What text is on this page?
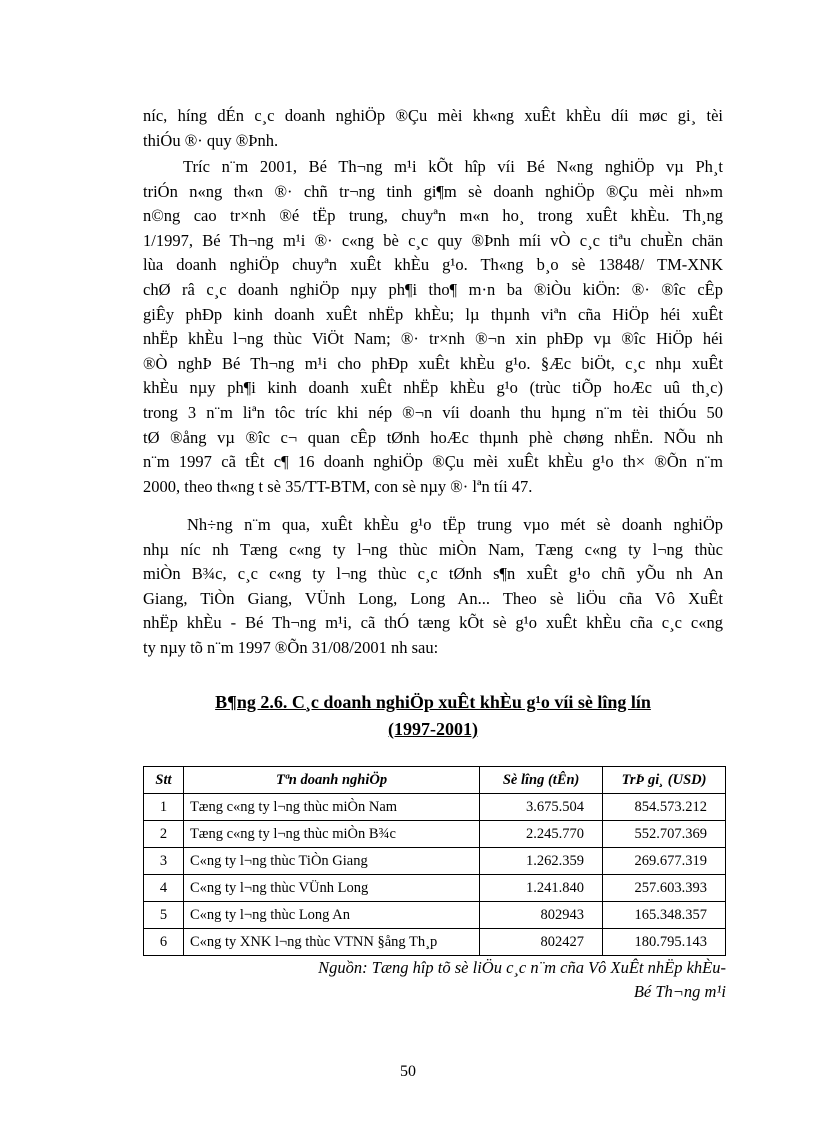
níc, híng dÉn c¸c doanh nghiÖp ®Çu mèi kh«ng xuÊt khÈu díi møc gi¸ tèi
thiÓu ®· quy ®Þnh.

Tríc n¨m 2001, Bé Th¬ng m¹i kÕt hîp víi Bé N«ng nghiÖp vµ Ph¸t
triÓn n«ng th«n ®· chñ tr¬ng tinh gi¶m sè doanh nghiÖp ®Çu mèi nh»m
n©ng cao tr×nh ®é tËp trung, chuyªn m«n ho¸ trong xuÊt khÈu. Th¸ng
1/1997, Bé Th¬ng m¹i ®· c«ng bè c¸c quy ®Þnh míi vÒ c¸c tiªu chuÈn chän
lùa doanh nghiÖp chuyªn xuÊt khÈu g¹o. Th«ng b¸o sè 13848/ TM-XNK
chØ râ c¸c doanh nghiÖp nµy ph¶i tho¶ m·n ba ®iÒu kiÖn: ®· ®îc cÊp
giÊy phÐp kinh doanh xuÊt nhËp khÈu; lµ thµnh viªn cña HiÖp héi xuÊt
nhËp khÈu l¬ng thùc ViÖt Nam; ®· tr×nh ®¬n xin phÐp vµ ®îc HiÖp héi
®Ò nghÞ Bé Th¬ng m¹i cho phÐp xuÊt khÈu g¹o. §Æc biÖt, c¸c nhµ xuÊt
khÈu nµy ph¶i kinh doanh xuÊt nhËp khÈu g¹o (trùc tiÕp hoÆc uû th¸c)
trong 3 n¨m liªn tôc tríc khi nép ®¬n víi doanh thu hµng n¨m tèi thiÓu 50
tØ ®ång vµ ®îc c¬ quan cÊp tØnh hoÆc thµnh phè chøng nhËn. NÕu nh
n¨m 1997 cã tÊt c¶ 16 doanh nghiÖp ®Çu mèi xuÊt khÈu g¹o th× ®Õn n¨m
2000, theo th«ng t sè 35/TT-BTM, con sè nµy ®· lªn tíi 47.

Nh÷ng n¨m qua, xuÊt khÈu g¹o tËp trung vµo mét sè doanh nghiÖp
nhµ níc nh Tæng c«ng ty l¬ng thùc miÒn Nam, Tæng c«ng ty l¬ng thùc
miÒn B¾c, c¸c c«ng ty l¬ng thùc c¸c tØnh s¶n xuÊt g¹o chñ yÕu nh An
Giang, TiÒn Giang, VÜnh Long, Long An... Theo sè liÖu cña Vô XuÊt
nhËp khÈu - Bé Th¬ng m¹i, cã thÓ tæng kÕt sè g¹o xuÊt khÈu cña c¸c c«ng
ty nµy tõ n¨m 1997 ®Õn 31/08/2001 nh sau:

B¶ng 2.6. C¸c doanh nghiÖp xuÊt khÈu g¹o víi sè lîng lín

(1997-2001)

Stt	Tªn doanh nghiÖp	Sè lîng (tÊn)	TrÞ gi¸ (USD)
1	Tæng c«ng ty l¬ng thùc miÒn Nam	3.675.504	854.573.212
2	Tæng c«ng ty l¬ng thùc miÒn B¾c	2.245.770	552.707.369
3	C«ng ty l¬ng thùc TiÒn Giang	1.262.359	269.677.319
4	C«ng ty l¬ng thùc VÜnh Long	1.241.840	257.603.393
5	C«ng ty l¬ng thùc Long An	802943	165.348.357
6	C«ng ty XNK l¬ng thùc VTNN §ång Th¸p	802427	180.795.143

Nguồn: Tæng hîp tõ sè liÖu c¸c n¨m cña Vô XuÊt nhËp khÈu-

Bé Th¬ng m¹i

50
